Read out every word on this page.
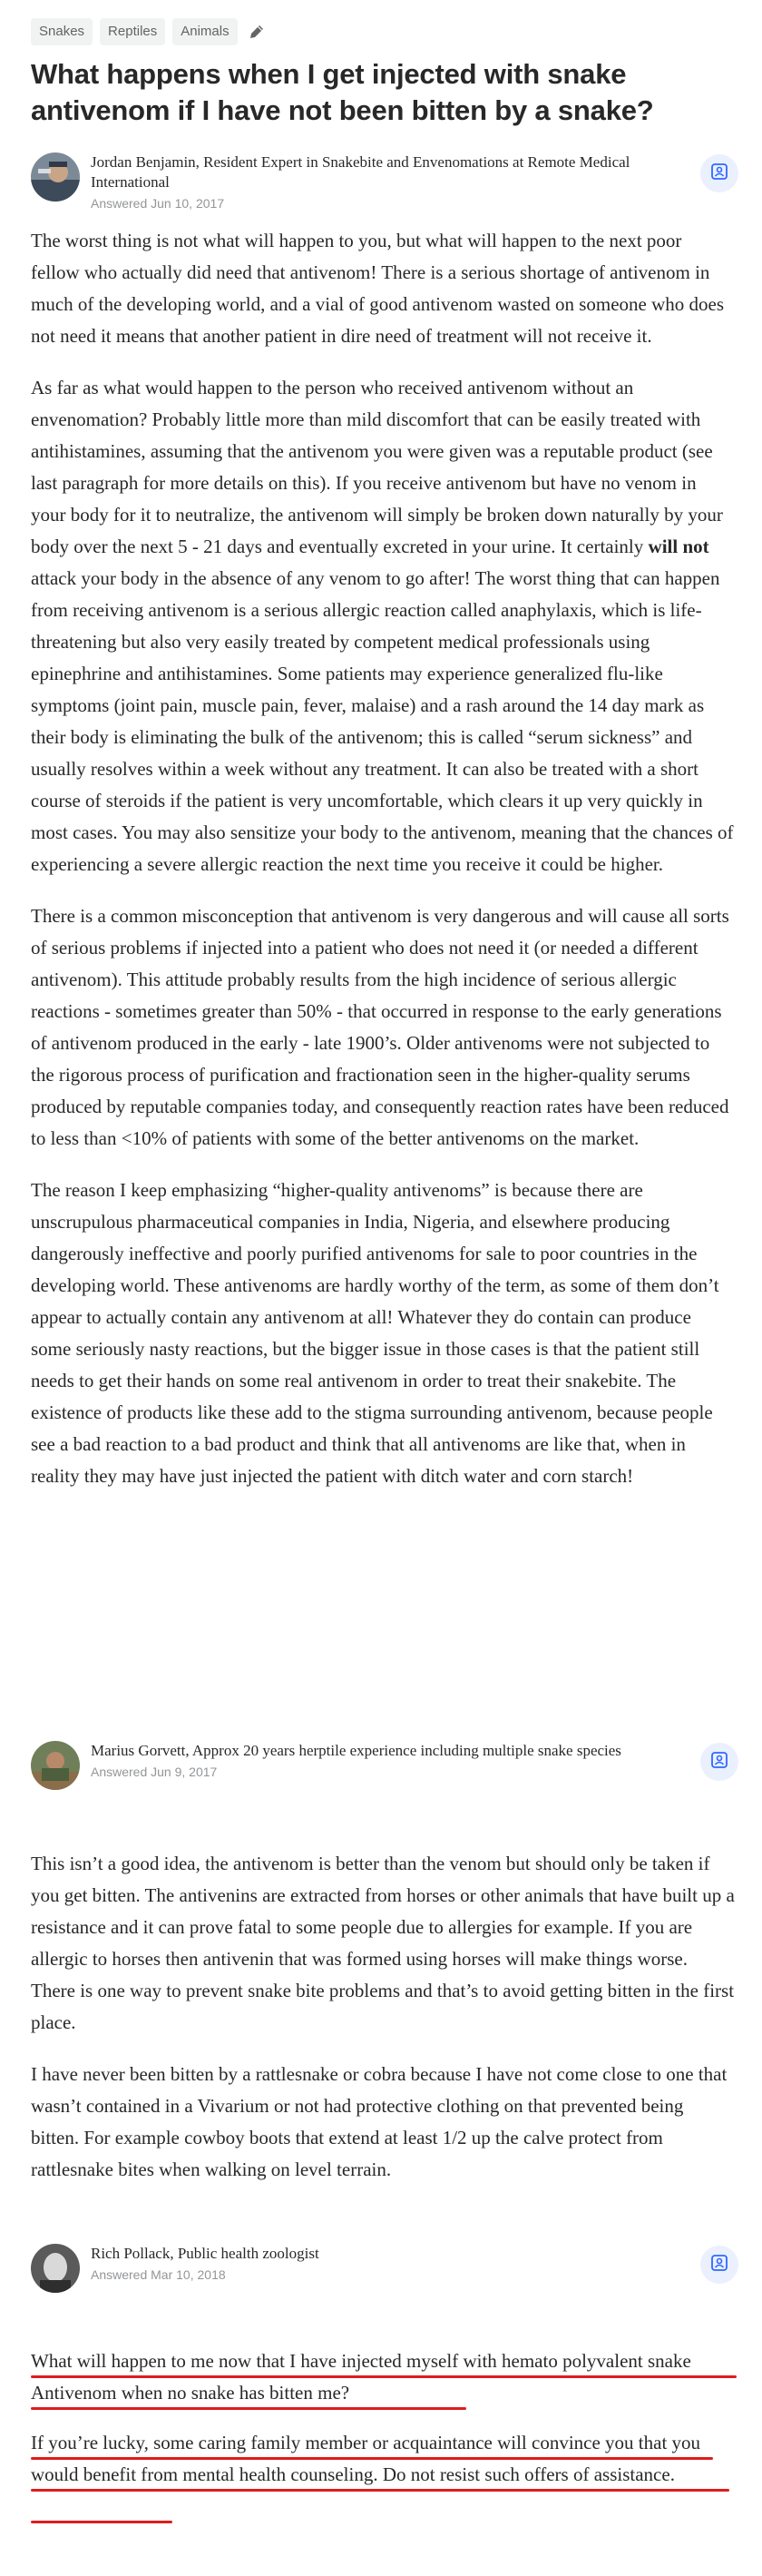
Snakes	Reptiles	Animals
What happens when I get injected with snake antivenom if I have not been bitten by a snake?
Jordan Benjamin, Resident Expert in Snakebite and Envenomations at Remote Medical International
Answered Jun 10, 2017

The worst thing is not what will happen to you, but what will happen to the next poor fellow who actually did need that antivenom! There is a serious shortage of antivenom in much of the developing world, and a vial of good antivenom wasted on someone who does not need it means that another patient in dire need of treatment will not receive it.

As far as what would happen to the person who received antivenom without an envenomation? Probably little more than mild discomfort that can be easily treated with antihistamines, assuming that the antivenom you were given was a reputable product (see last paragraph for more details on this). If you receive antivenom but have no venom in your body for it to neutralize, the antivenom will simply be broken down naturally by your body over the next 5 - 21 days and eventually excreted in your urine. It certainly will not attack your body in the absence of any venom to go after! The worst thing that can happen from receiving antivenom is a serious allergic reaction called anaphylaxis, which is life-threatening but also very easily treated by competent medical professionals using epinephrine and antihistamines. Some patients may experience generalized flu-like symptoms (joint pain, muscle pain, fever, malaise) and a rash around the 14 day mark as their body is eliminating the bulk of the antivenom; this is called “serum sickness” and usually resolves within a week without any treatment. It can also be treated with a short course of steroids if the patient is very uncomfortable, which clears it up very quickly in most cases. You may also sensitize your body to the antivenom, meaning that the chances of experiencing a severe allergic reaction the next time you receive it could be higher.

There is a common misconception that antivenom is very dangerous and will cause all sorts of serious problems if injected into a patient who does not need it (or needed a different antivenom). This attitude probably results from the high incidence of serious allergic reactions - sometimes greater than 50% - that occurred in response to the early generations of antivenom produced in the early - late 1900’s. Older antivenoms were not subjected to the rigorous process of purification and fractionation seen in the higher-quality serums produced by reputable companies today, and consequently reaction rates have been reduced to less than <10% of patients with some of the better antivenoms on the market.

The reason I keep emphasizing “higher-quality antivenoms” is because there are unscrupulous pharmaceutical companies in India, Nigeria, and elsewhere producing dangerously ineffective and poorly purified antivenoms for sale to poor countries in the developing world. These antivenoms are hardly worthy of the term, as some of them don’t appear to actually contain any antivenom at all! Whatever they do contain can produce some seriously nasty reactions, but the bigger issue in those cases is that the patient still needs to get their hands on some real antivenom in order to treat their snakebite. The existence of products like these add to the stigma surrounding antivenom, because people see a bad reaction to a bad product and think that all antivenoms are like that, when in reality they may have just injected the patient with ditch water and corn starch!

Marius Gorvett, Approx 20 years herptile experience including multiple snake species
Answered Jun 9, 2017

This isn’t a good idea, the antivenom is better than the venom but should only be taken if you get bitten. The antivenins are extracted from horses or other animals that have built up a resistance and it can prove fatal to some people due to allergies for example. If you are allergic to horses then antivenin that was formed using horses will make things worse. There is one way to prevent snake bite problems and that’s to avoid getting bitten in the first place.

I have never been bitten by a rattlesnake or cobra because I have not come close to one that wasn’t contained in a Vivarium or not had protective clothing on that prevented being bitten. For example cowboy boots that extend at least 1/2 up the calve protect from rattlesnake bites when walking on level terrain.

Rich Pollack, Public health zoologist
Answered Mar 10, 2018
What will happen to me now that I have injected myself with hemato polyvalent snake Antivenom when no snake has bitten me?
If you’re lucky, some caring family member or acquaintance will convince you that you would benefit from mental health counseling. Do not resist such offers of assistance.
